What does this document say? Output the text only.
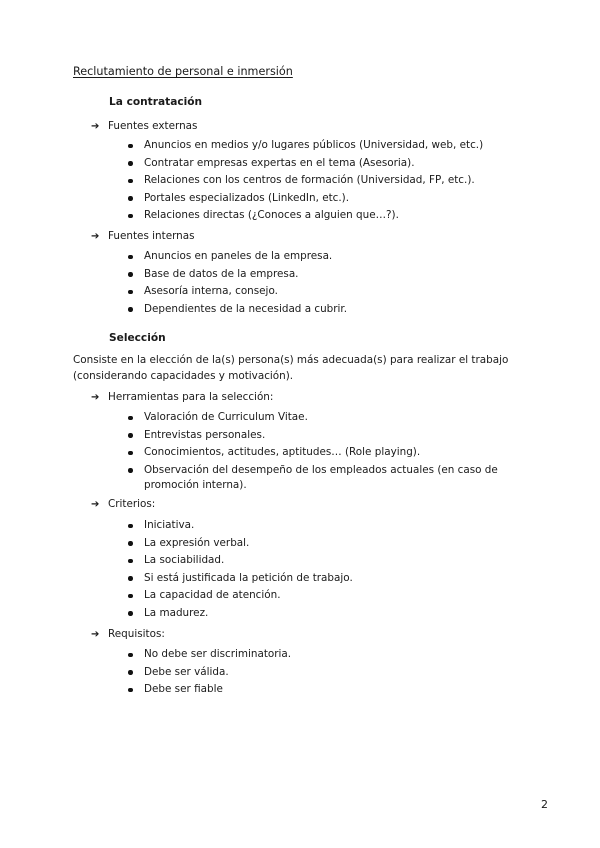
Reclutamiento de personal e inmersión
La contratación
➔ Fuentes externas
Anuncios en medios y/o lugares públicos (Universidad, web, etc.)
Contratar empresas expertas en el tema (Asesoria).
Relaciones con los centros de formación (Universidad, FP, etc.).
Portales especializados (LinkedIn, etc.).
Relaciones directas (¿Conoces a alguien que…?).
➔ Fuentes internas
Anuncios en paneles de la empresa.
Base de datos de la empresa.
Asesoría interna, consejo.
Dependientes de la necesidad a cubrir.
Selección
Consiste en la elección de la(s) persona(s) más adecuada(s) para realizar el trabajo (considerando capacidades y motivación).
➔ Herramientas para la selección:
Valoración de Curriculum Vitae.
Entrevistas personales.
Conocimientos, actitudes, aptitudes… (Role playing).
Observación del desempeño de los empleados actuales (en caso de promoción interna).
➔ Criterios:
Iniciativa.
La expresión verbal.
La sociabilidad.
Si está justificada la petición de trabajo.
La capacidad de atención.
La madurez.
➔ Requisitos:
No debe ser discriminatoria.
Debe ser válida.
Debe ser fiable
2
